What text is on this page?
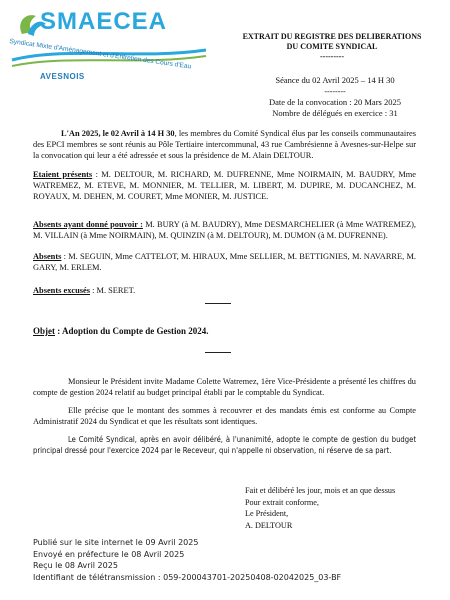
SMAECEA
Syndicat Mixte d'Aménagement et d'Entretien des Cours d'Eau
AVESNOIS
EXTRAIT DU REGISTRE DES DELIBERATIONS
DU COMITE SYNDICAL
---------
Séance du 02 Avril 2025 – 14 H 30
--------
Date de la convocation : 20 Mars 2025
Nombre de délégués en exercice : 31
L'An 2025, le 02 Avril à 14 H 30, les membres du Comité Syndical élus par les conseils communautaires des EPCI membres se sont réunis au Pôle Tertiaire intercommunal, 43 rue Cambrésienne à Avesnes-sur-Helpe sur la convocation qui leur a été adressée et sous la présidence de M. Alain DELTOUR.
Etaient présents : M. DELTOUR, M. RICHARD, M. DUFRENNE, Mme NOIRMAIN, M. BAUDRY, Mme WATREMEZ, M. ETEVE, M. MONNIER, M. TELLIER, M. LIBERT, M. DUPIRE, M. DUCANCHEZ, M. ROYAUX, M. DEHEN, M. COURET, Mme MONIER, M. JUSTICE.
Absents ayant donné pouvoir : M. BURY (à M. BAUDRY), Mme DESMARCHELIER (à Mme WATREMEZ), M. VILLAIN (à Mme NOIRMAIN), M. QUINZIN (à M. DELTOUR), M. DUMON (à M. DUFRENNE).
Absents : M. SEGUIN, Mme CATTELOT, M. HIRAUX, Mme SELLIER, M. BETTIGNIES, M. NAVARRE, M. GARY, M. ERLEM.
Absents excusés : M. SERET.
Objet : Adoption du Compte de Gestion 2024.
Monsieur le Président invite Madame Colette Watremez, 1ère Vice-Présidente a présenté les chiffres du compte de gestion 2024 relatif au budget principal établi par le comptable du Syndicat.
Elle précise que le montant des sommes à recouvrer et des mandats émis est conforme au Compte Administratif 2024 du Syndicat et que les résultats sont identiques.
Le Comité Syndical, après en avoir délibéré, à l'unanimité, adopte le compte de gestion du budget principal dressé pour l'exercice 2024 par le Receveur, qui n'appelle ni observation, ni réserve de sa part.
Fait et délibéré les jour, mois et an que dessus
Pour extrait conforme,
Le Président,
A. DELTOUR
Publié sur le site internet le 09 Avril 2025
Envoyé en préfecture le 08 Avril 2025
Reçu le 08 Avril 2025
Identifiant de télétransmission : 059-200043701-20250408-02042025_03-BF
